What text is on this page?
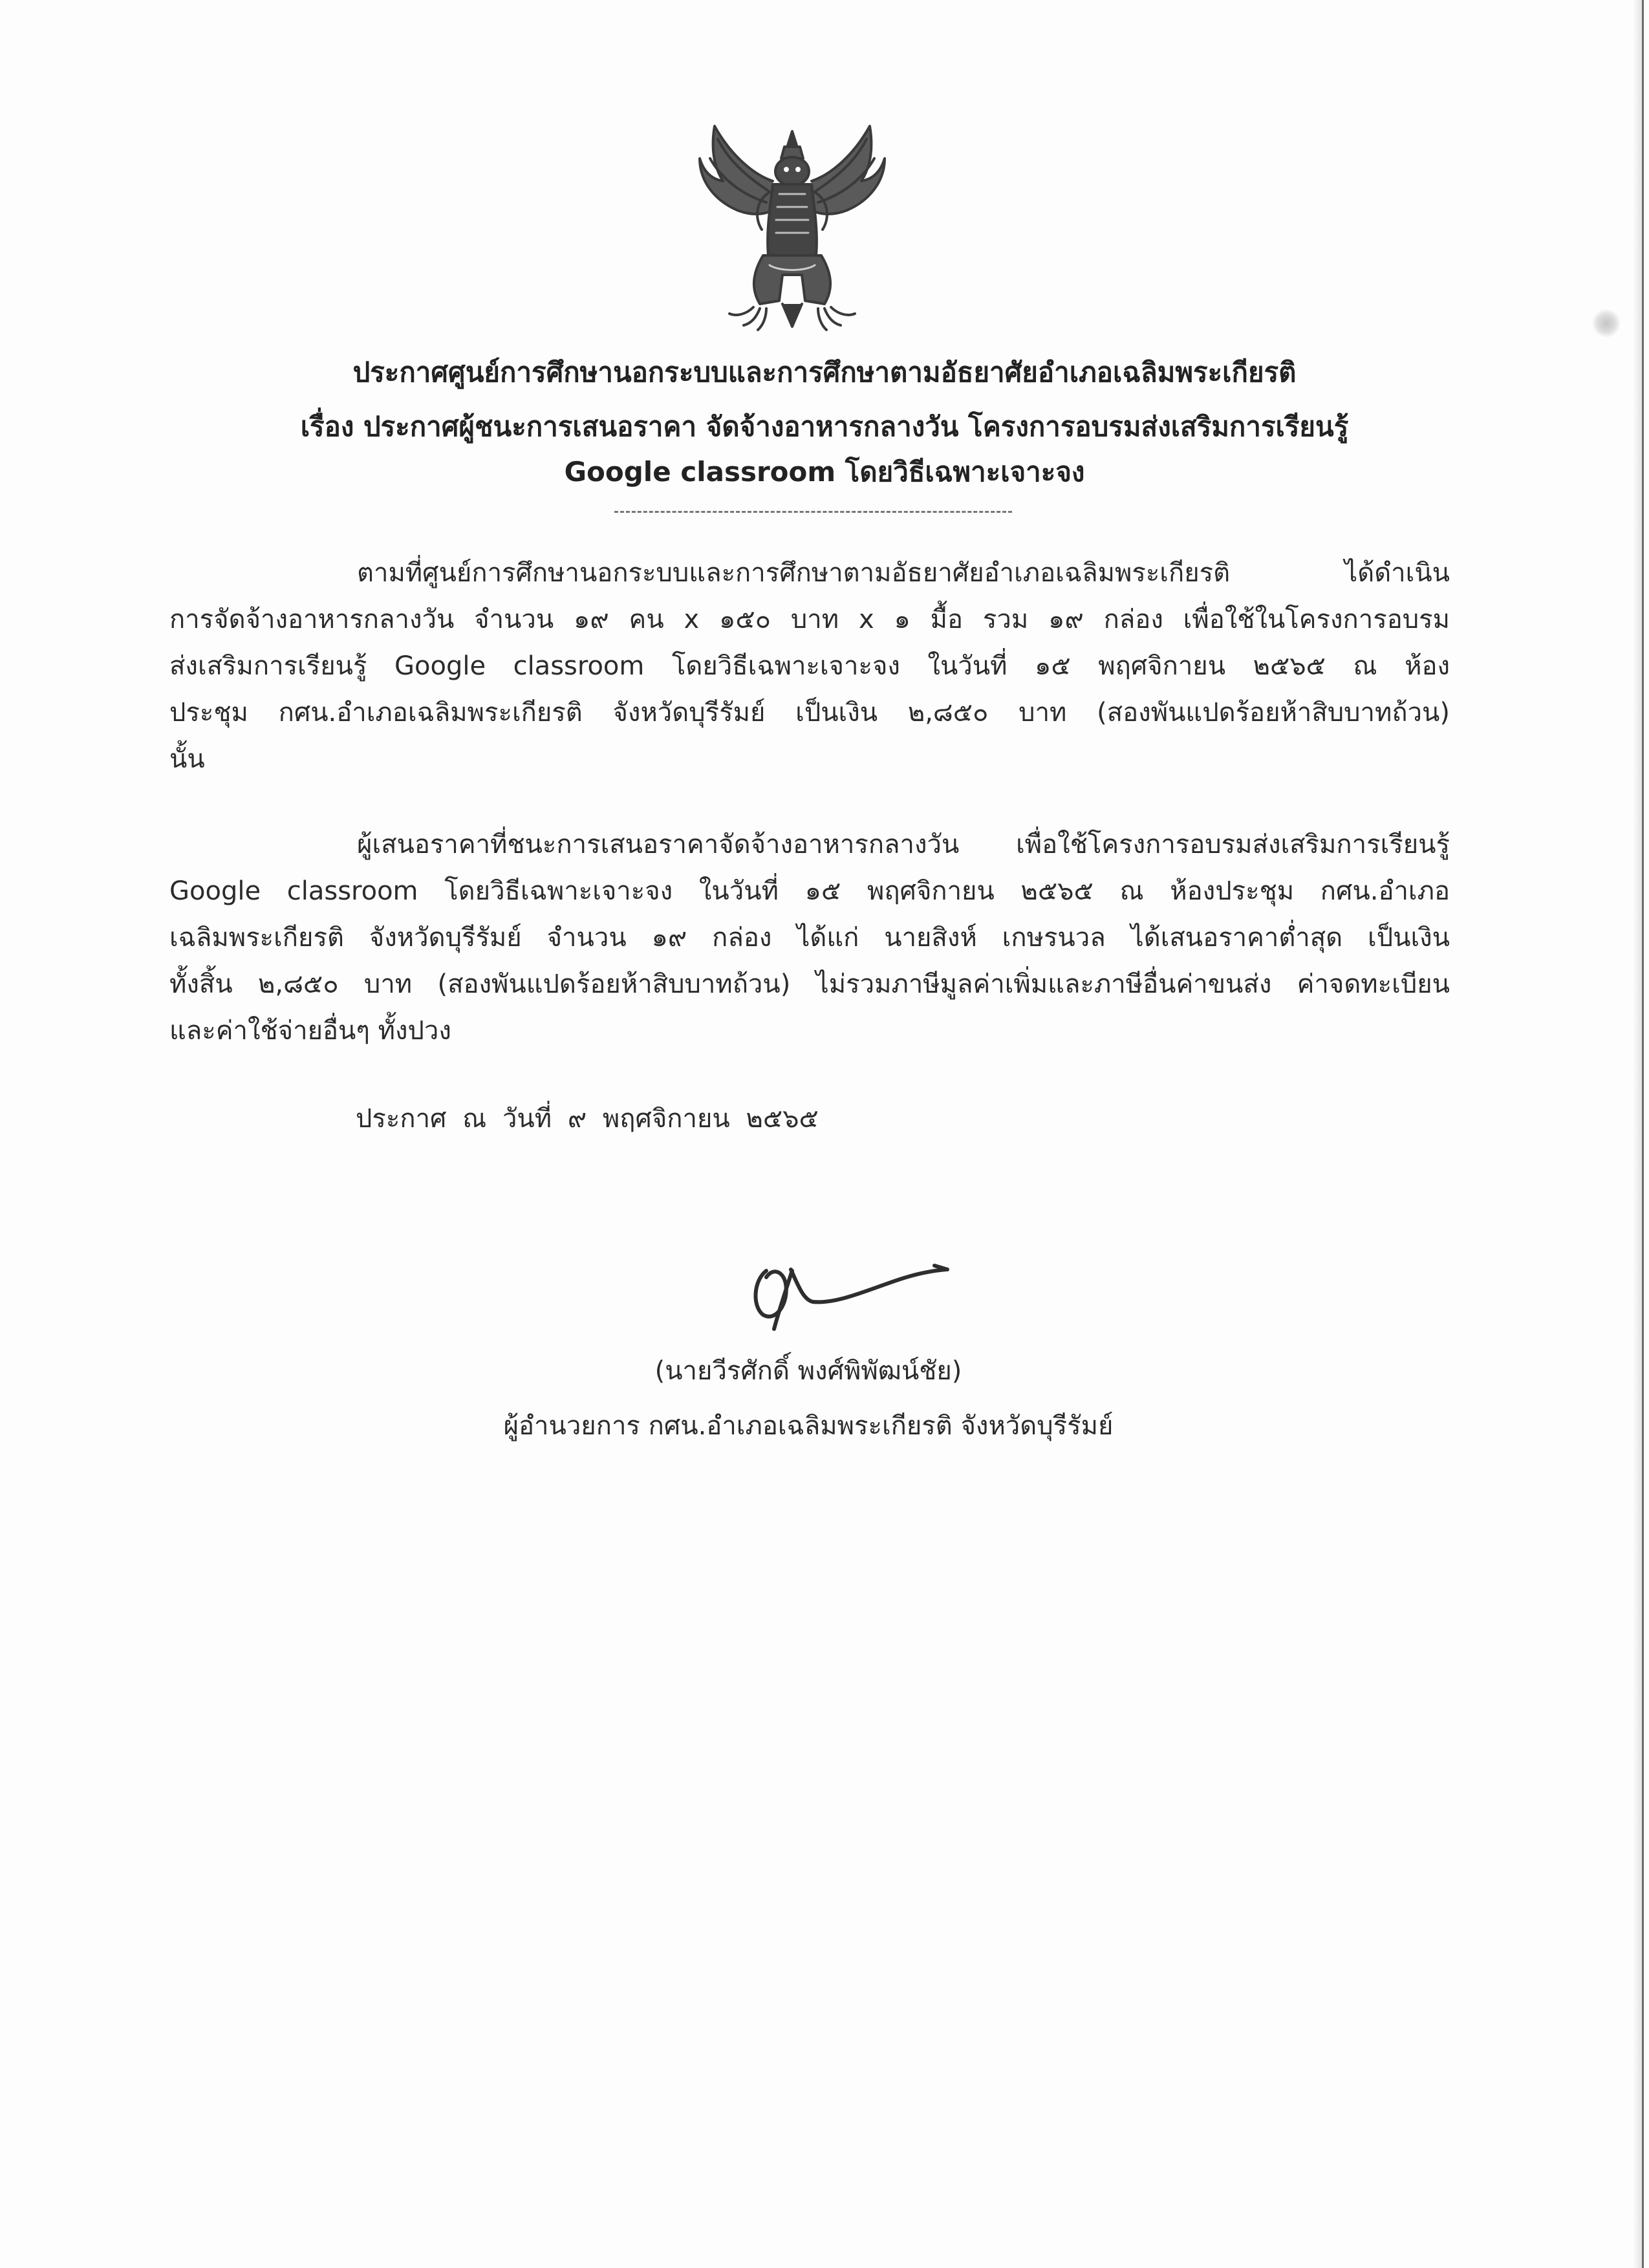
ประกาศศูนย์การศึกษานอกระบบและการศึกษาตามอัธยาศัยอำเภอเฉลิมพระเกียรติ
เรื่อง ประกาศผู้ชนะการเสนอราคา จัดจ้างอาหารกลางวัน โครงการอบรมส่งเสริมการเรียนรู้
Google classroom โดยวิธีเฉพาะเจาะจง
ตามที่ศูนย์การศึกษานอกระบบและการศึกษาตามอัธยาศัยอำเภอเฉลิมพระเกียรติ ได้ดำเนิน
การจัดจ้างอาหารกลางวัน จำนวน ๑๙ คน x ๑๕๐ บาท x ๑ มื้อ รวม ๑๙ กล่อง เพื่อใช้ในโครงการอบรม
ส่งเสริมการเรียนรู้ Google classroom โดยวิธีเฉพาะเจาะจง ในวันที่ ๑๕ พฤศจิกายน ๒๕๖๕ ณ ห้อง
ประชุม กศน.อำเภอเฉลิมพระเกียรติ จังหวัดบุรีรัมย์ เป็นเงิน ๒,๘๕๐ บาท (สองพันแปดร้อยห้าสิบบาทถ้วน)
นั้น
ผู้เสนอราคาที่ชนะการเสนอราคาจัดจ้างอาหารกลางวัน เพื่อใช้โครงการอบรมส่งเสริมการเรียนรู้
Google classroom โดยวิธีเฉพาะเจาะจง ในวันที่ ๑๕ พฤศจิกายน ๒๕๖๕ ณ ห้องประชุม กศน.อำเภอ
เฉลิมพระเกียรติ จังหวัดบุรีรัมย์ จำนวน ๑๙ กล่อง ได้แก่ นายสิงห์ เกษรนวล ได้เสนอราคาต่ำสุด เป็นเงิน
ทั้งสิ้น ๒,๘๕๐ บาท (สองพันแปดร้อยห้าสิบบาทถ้วน) ไม่รวมภาษีมูลค่าเพิ่มและภาษีอื่นค่าขนส่ง ค่าจดทะเบียน
และค่าใช้จ่ายอื่นๆ ทั้งปวง
ประกาศ ณ วันที่ ๙ พฤศจิกายน ๒๕๖๕
(นายวีรศักดิ์ พงศ์พิพัฒน์ชัย)
ผู้อำนวยการ กศน.อำเภอเฉลิมพระเกียรติ จังหวัดบุรีรัมย์
